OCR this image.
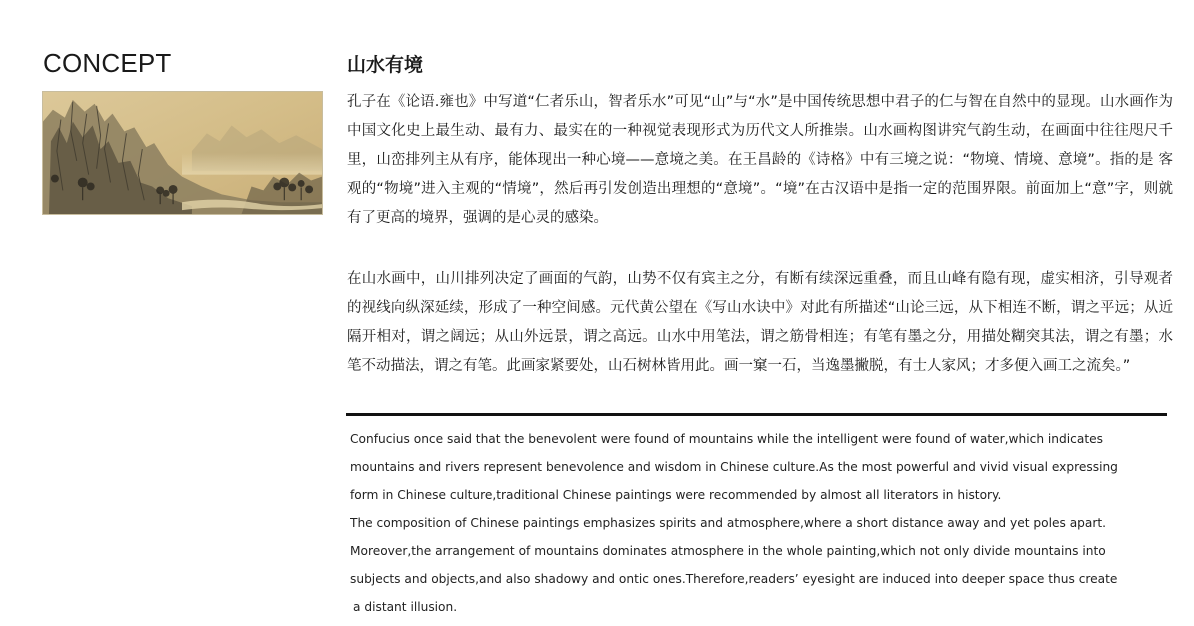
CONCEPT	山水有境

孔子在《论语.雍也》中写道“仁者乐山，智者乐水”可见“山”与“水”是中国传统思想中君子的仁与智在自然中的显现。山水画作为中国文化史上最生动、最有力、最实在的一种视觉表现形式为历代文人所推崇。山水画构图讲究气韵生动，在画面中往往咫尺千里，山峦排列主从有序，能体现出一种心境——意境之美。在王昌龄的《诗格》中有三境之说：“物境、情境、意境”。指的是 客观的“物境”进入主观的“情境”，然后再引发创造出理想的“意境”。“境”在古汉语中是指一定的范围界限。前面加上“意”字，则就有了更高的境界，强调的是心灵的感染。

在山水画中，山川排列决定了画面的气韵，山势不仅有宾主之分，有断有续深远重叠，而且山峰有隐有现，虚实相济，引导观者的视线向纵深延续，形成了一种空间感。元代黄公望在《写山水诀中》对此有所描述“山论三远，从下相连不断，谓之平远；从近隔开相对，谓之阔远；从山外远景，谓之高远。山水中用笔法，谓之筋骨相连；有笔有墨之分，用描处糊突其法，谓之有墨；水笔不动描法，谓之有笔。此画家紧要处，山石树林皆用此。画一窠一石，当逸墨撇脱，有士人家风；才多便入画工之流矣。”

Confucius once said that the benevolent were found of mountains while the intelligent were found of water,which indicates
mountains and rivers represent benevolence and wisdom in Chinese culture.As the most powerful and vivid visual expressing
form in Chinese culture,traditional Chinese paintings were recommended by almost all literators in history.
The composition of Chinese paintings emphasizes spirits and atmosphere,where a short distance away and yet poles apart.
Moreover,the arrangement of mountains dominates atmosphere in the whole painting,which not only divide mountains into
subjects and objects,and also shadowy and ontic ones.Therefore,readers’ eyesight are induced into deeper space thus create
a distant illusion.
